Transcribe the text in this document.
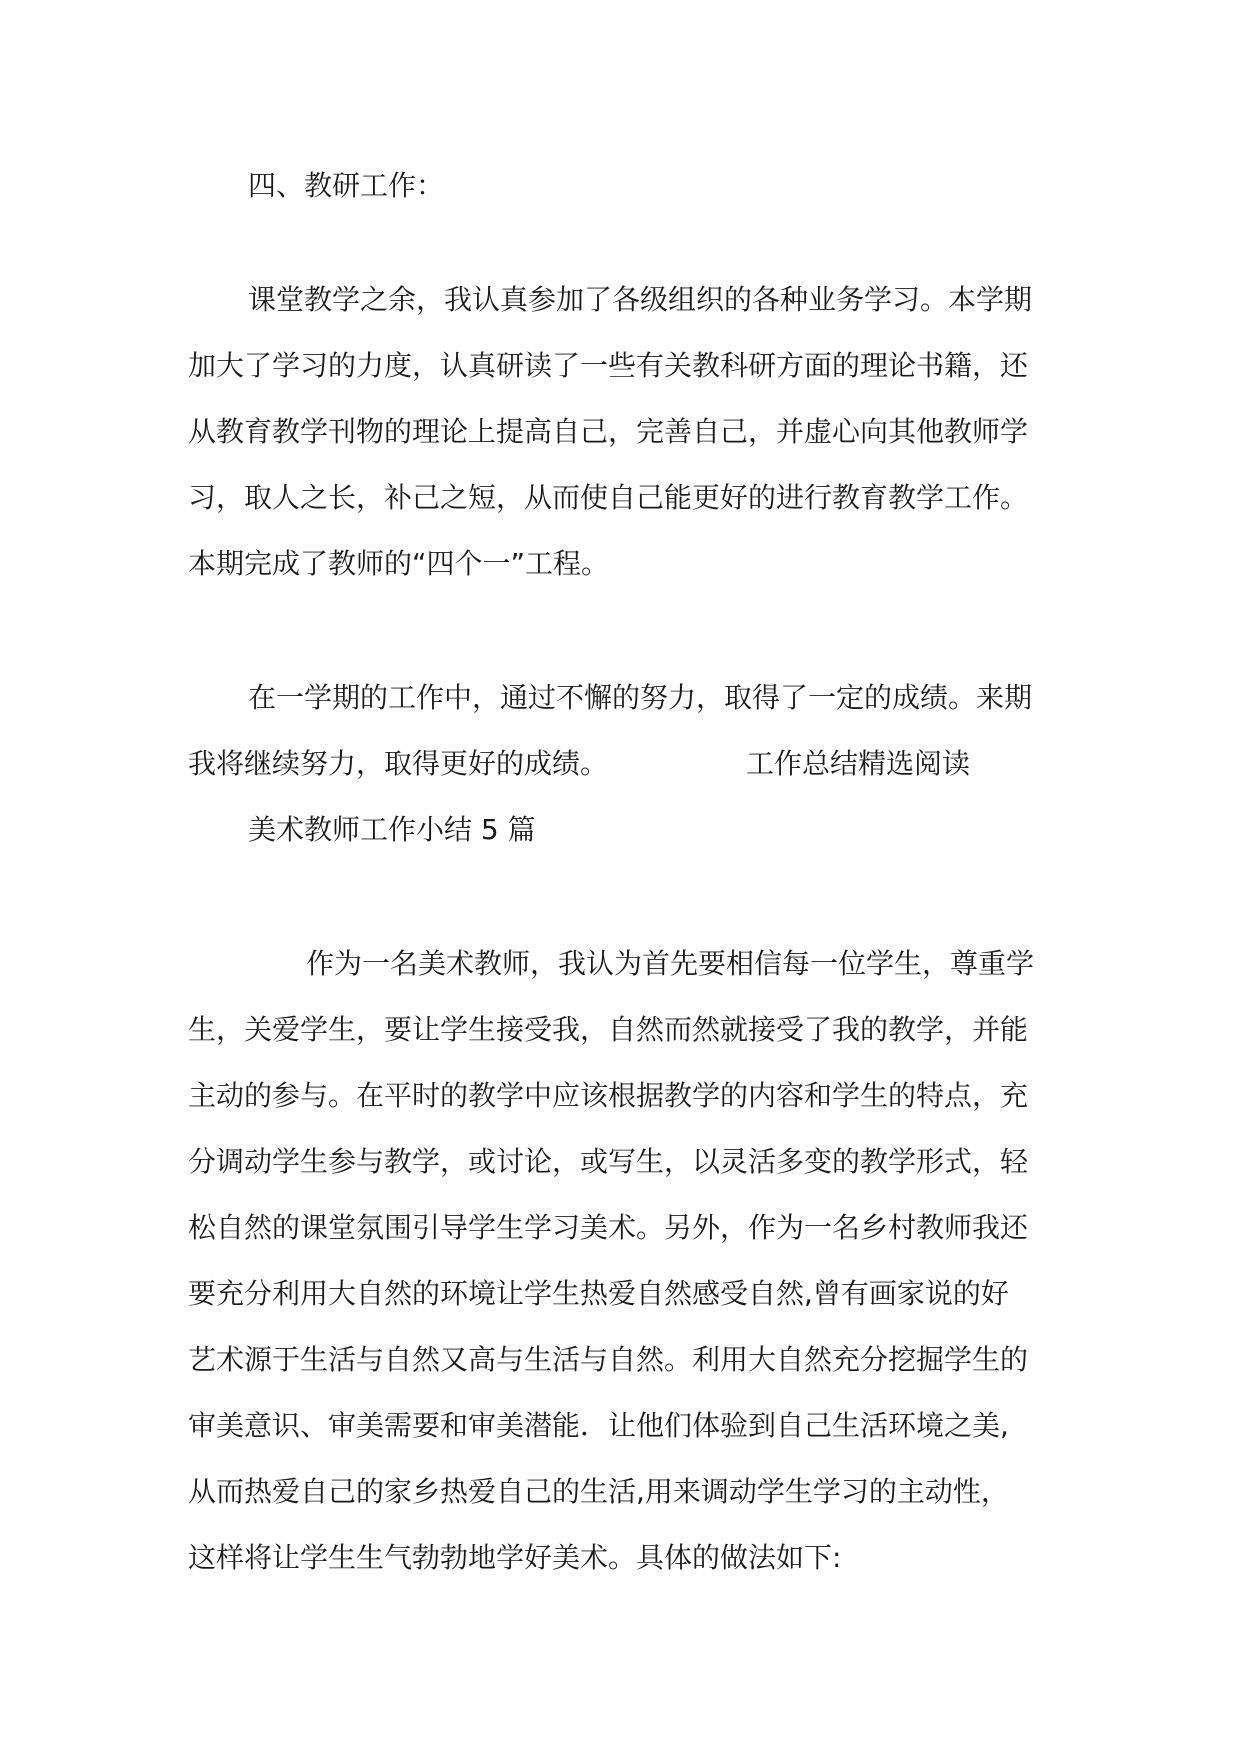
四、教研工作：
课堂教学之余，我认真参加了各级组织的各种业务学习。本学期
加大了学习的力度，认真研读了一些有关教科研方面的理论书籍，还
从教育教学刊物的理论上提高自己，完善自己，并虚心向其他教师学
习，取人之长，补己之短，从而使自己能更好的进行教育教学工作。
本期完成了教师的“四个一”工程。
在一学期的工作中，通过不懈的努力，取得了一定的成绩。来期
我将继续努力，取得更好的成绩。	工作总结精选阅读
美术教师工作小结 5 篇
作为一名美术教师，我认为首先要相信每一位学生，尊重学
生，关爱学生，要让学生接受我，自然而然就接受了我的教学，并能
主动的参与。在平时的教学中应该根据教学的内容和学生的特点，充
分调动学生参与教学，或讨论，或写生，以灵活多变的教学形式，轻
松自然的课堂氛围引导学生学习美术。另外，作为一名乡村教师我还
要充分利用大自然的环境让学生热爱自然感受自然,曾有画家说的好
艺术源于生活与自然又高与生活与自然。利用大自然充分挖掘学生的
审美意识、审美需要和审美潜能．让他们体验到自己生活环境之美,
从而热爱自己的家乡热爱自己的生活,用来调动学生学习的主动性，
这样将让学生生气勃勃地学好美术。具体的做法如下:
